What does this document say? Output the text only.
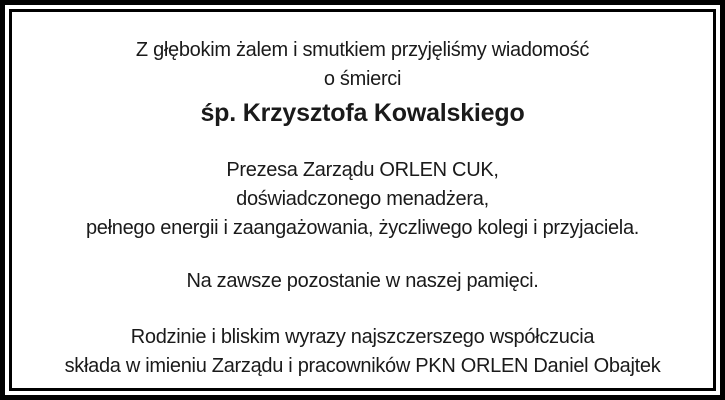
Z głębokim żalem i smutkiem przyjęliśmy wiadomość
o śmierci

śp. Krzysztofa Kowalskiego

Prezesa Zarządu ORLEN CUK,
doświadczonego menadżera,
pełnego energii i zaangażowania, życzliwego kolegi i przyjaciela.

Na zawsze pozostanie w naszej pamięci.

Rodzinie i bliskim wyrazy najszczerszego współczucia
składa w imieniu Zarządu i pracowników PKN ORLEN Daniel Obajtek
